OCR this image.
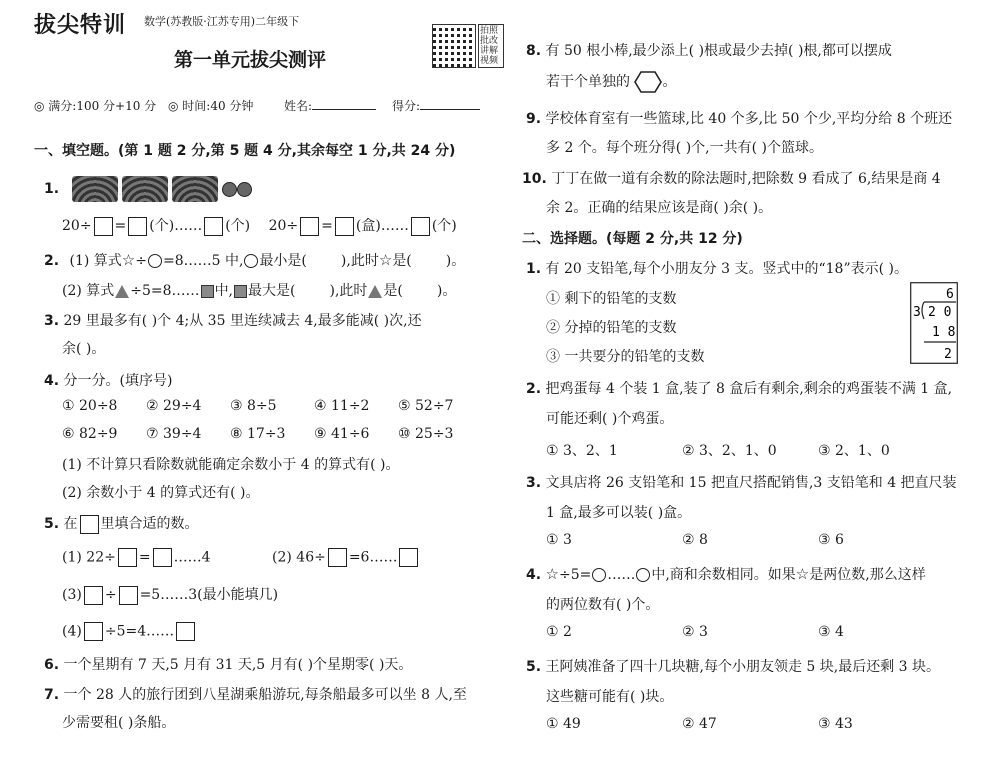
拔尖特训 数学(苏教版·江苏专用)二年级下
第一单元拔尖测评
拍照批改讲解视频
◎ 满分:100 分+10 分 ◎ 时间:40 分钟	姓名:	得分:
一、填空题。(第 1 题 2 分,第 5 题 4 分,其余每空 1 分,共 24 分)
1.
20÷ = (个)…… (个) 20÷ = (盒)…… (个)
2. (1) 算式☆÷ =8……5 中, 最小是( ),此时☆是( )。
(2) 算式 ÷5=8…… 中, 最大是( ),此时 是( )。
3. 29 里最多有( )个 4;从 35 里连续减去 4,最多能减( )次,还
余( )。
4. 分一分。(填序号)
① 20÷8 ② 29÷4 ③ 8÷5	④ 11÷2 ⑤ 52÷7
⑥ 82÷9 ⑦ 39÷4 ⑧ 17÷3 ⑨ 41÷6 ⑩ 25÷3
(1) 不计算只看除数就能确定余数小于 4 的算式有( )。
(2) 余数小于 4 的算式还有( )。
5. 在 里填合适的数。
(1) 22÷ = ……4	(2) 46÷ =6……
(3) ÷ =5……3(最小能填几)
(4) ÷5=4……
6. 一个星期有 7 天,5 月有 31 天,5 月有( )个星期零( )天。
7. 一个 28 人的旅行团到八星湖乘船游玩,每条船最多可以坐 8 人,至
少需要租( )条船。
8. 有 50 根小棒,最少添上( )根或最少去掉( )根,都可以摆成
若干个单独的 。
9. 学校体育室有一些篮球,比 40 个多,比 50 个少,平均分给 8 个班还
多 2 个。每个班分得( )个,一共有( )个篮球。
10. 丁丁在做一道有余数的除法题时,把除数 9 看成了 6,结果是商 4
余 2。正确的结果应该是商( )余( )。
二、选择题。(每题 2 分,共 12 分)
1. 有 20 支铅笔,每个小朋友分 3 支。竖式中的“18”表示( )。
① 剩下的铅笔的支数
② 分掉的铅笔的支数
③ 一共要分的铅笔的支数
6
3 2 0
1 8
2
2. 把鸡蛋每 4 个装 1 盒,装了 8 盒后有剩余,剩余的鸡蛋装不满 1 盒,
可能还剩( )个鸡蛋。
① 3、2、1	② 3、2、1、0	③ 2、1、0
3. 文具店将 26 支铅笔和 15 把直尺搭配销售,3 支铅笔和 4 把直尺装
1 盒,最多可以装( )盒。
① 3	② 8	③ 6
4. ☆÷5= …… 中,商和余数相同。如果☆是两位数,那么这样
的两位数有( )个。
① 2	② 3	③ 4
5. 王阿姨准备了四十几块糖,每个小朋友领走 5 块,最后还剩 3 块。
这些糖可能有( )块。
① 49	② 47	③ 43
